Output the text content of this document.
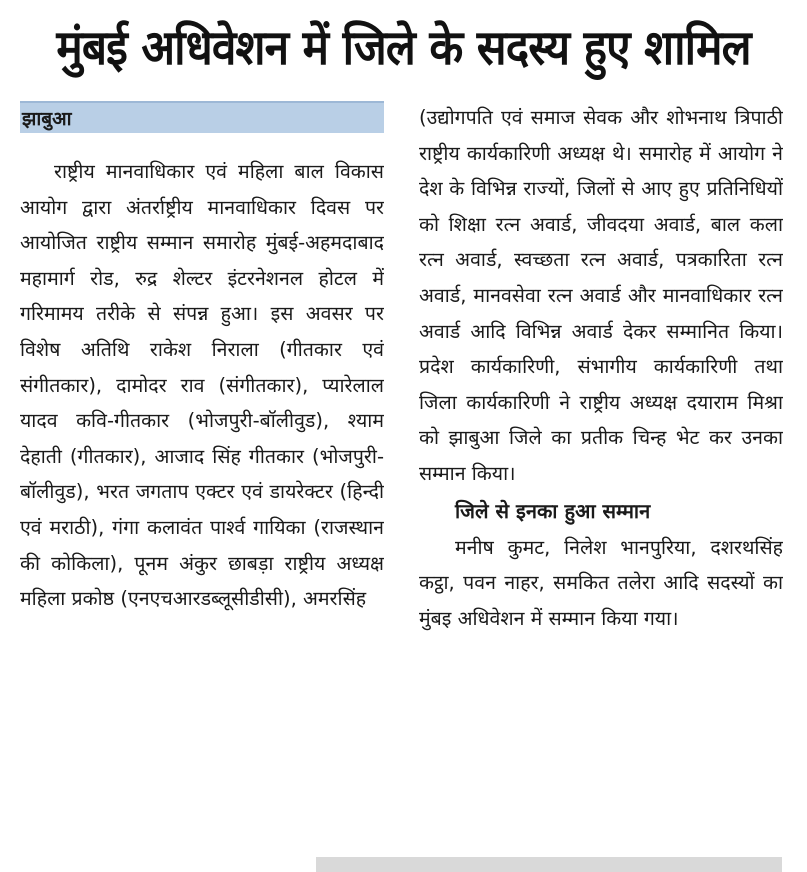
मुंबई अधिवेशन में जिले के सदस्य हुए शामिल
झाबुआ

राष्ट्रीय मानवाधिकार एवं महिला बाल विकास आयोग द्वारा अंतर्राष्ट्रीय मानवाधिकार दिवस पर आयोजित राष्ट्रीय सम्मान समारोह मुंबई-अहमदाबाद महामार्ग रोड, रुद्र शेल्टर इंटरनेशनल होटल में गरिमामय तरीके से संपन्न हुआ। इस अवसर पर विशेष अतिथि राकेश निराला (गीतकार एवं संगीतकार), दामोदर राव (संगीतकार), प्यारेलाल यादव कवि-गीतकार (भोजपुरी-बॉलीवुड), श्याम देहाती (गीतकार), आजाद सिंह गीतकार (भोजपुरी- बॉलीवुड), भरत जगताप एक्टर एवं डायरेक्टर (हिन्दी एवं मराठी), गंगा कलावंत पार्श्व गायिका (राजस्थान की कोकिला), पूनम अंकुर छाबड़ा राष्ट्रीय अध्यक्ष महिला प्रकोष्ठ (एनएचआरडब्लूसीडीसी), अमरसिंह

(उद्योगपति एवं समाज सेवक और शोभनाथ त्रिपाठी राष्ट्रीय कार्यकारिणी अध्यक्ष थे। समारोह में आयोग ने देश के विभिन्न राज्यों, जिलों से आए हुए प्रतिनिधियों को शिक्षा रत्न अवार्ड, जीवदया अवार्ड, बाल कला रत्न अवार्ड, स्वच्छता रत्न अवार्ड, पत्रकारिता रत्न अवार्ड, मानवसेवा रत्न अवार्ड और मानवाधिकार रत्न अवार्ड आदि विभिन्न अवार्ड देकर सम्मानित किया। प्रदेश कार्यकारिणी, संभागीय कार्यकारिणी तथा जिला कार्यकारिणी ने राष्ट्रीय अध्यक्ष दयाराम मिश्रा को झाबुआ जिले का प्रतीक चिन्ह भेट कर उनका सम्मान किया।

जिले से इनका हुआ सम्मान

मनीष कुमट, निलेश भानपुरिया, दशरथसिंह कट्ठा, पवन नाहर, समकित तलेरा आदि सदस्यों का मुंबइ अधिवेशन में सम्मान किया गया।
